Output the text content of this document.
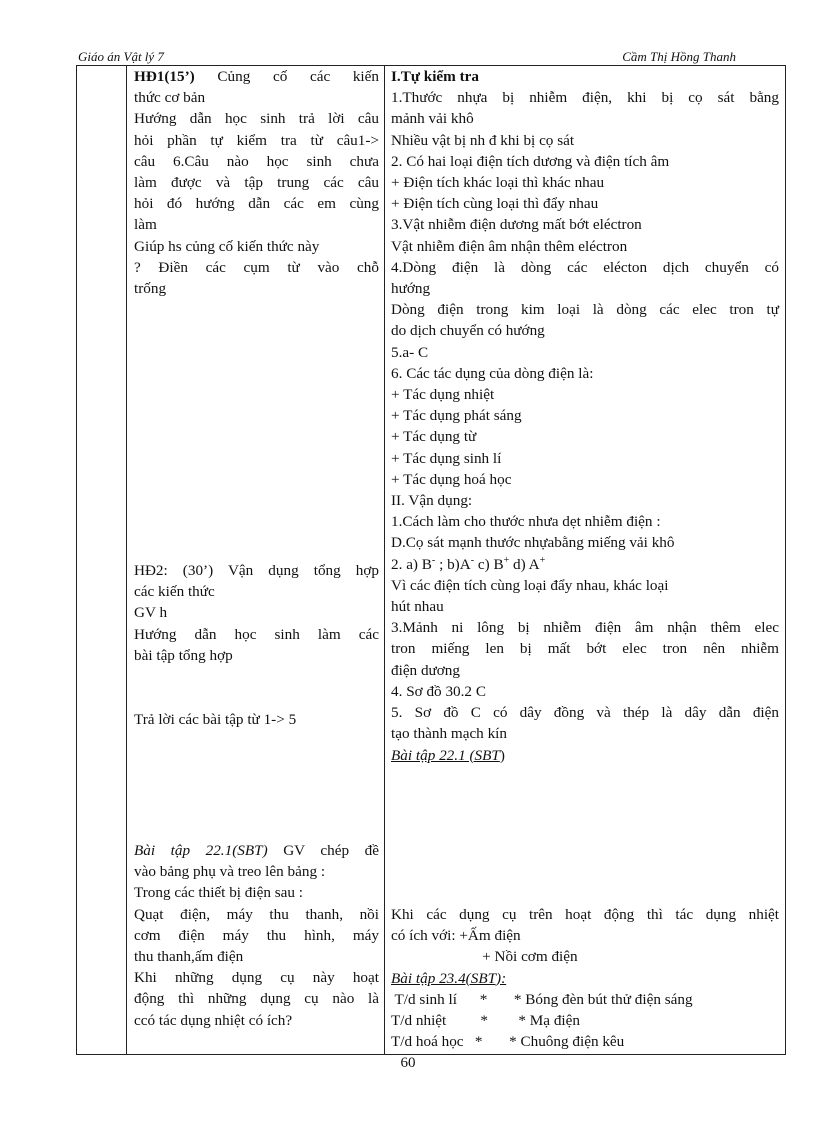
Giáo án Vật lý 7	Cầm Thị Hồng Thanh
HĐ1(15’) Củng cố các kiến
thức cơ bản
Hướng dẫn học sinh trả lời câu
hỏi phần tự kiểm tra từ câu1->
câu 6.Câu nào học sinh chưa
làm được và tập trung các câu
hỏi đó hướng dẫn các em cùng
làm
Giúp hs củng cố kiến thức này
? Điền các cụm từ vào chỗ
trống
HĐ2: (30’) Vận dụng tổng hợp
các kiến thức
GV h
Hướng dẫn học sinh làm các
bài tập tổng hợp
Trả lời các bài tập từ 1-> 5
Bài tập 22.1(SBT) GV chép đề
vào bảng phụ và treo lên bảng :
Trong các thiết bị điện sau :
Quạt điện, máy thu thanh, nồi
cơm điện máy thu hình, máy
thu thanh,ấm điện
Khi những dụng cụ này hoạt
động thì những dụng cụ nào là
ccó tác dụng nhiệt có ích?
I.Tự kiểm tra
1.Thước nhựa bị nhiễm điện, khi bị cọ sát bằng
mảnh vải khô
Nhiều vật bị nh đ khi bị cọ sát
2. Có hai loại điện tích dương và điện tích âm
+ Điện tích khác loại thì khác nhau
+ Điện tích cùng loại thì đẩy nhau
3.Vật nhiễm điện dương mất bớt eléctron
Vật nhiễm điện âm nhận thêm eléctron
4.Dòng điện là dòng các elécton dịch chuyển có
hướng
Dòng điện trong kim loại là dòng các elec tron tự
do dịch chuyển có hướng
5.a- C
6. Các tác dụng của dòng điện là:
+ Tác dụng nhiệt
+ Tác dụng phát sáng
+ Tác dụng từ
+ Tác dụng sinh lí
+ Tác dụng hoá học
II. Vận dụng:
1.Cách làm cho thước nhưa dẹt nhiễm điện :
D.Cọ sát mạnh thước nhựabằng miếng vải khô
2. a) B- ; b)A- c) B+ d) A+
Vì các điện tích cùng loại đẩy nhau, khác loại
hút nhau
3.Mảnh ni lông bị nhiễm điện âm nhận thêm elec
tron miếng len bị mất bớt elec tron nên nhiễm
điện dương
4. Sơ đồ 30.2 C
5. Sơ đồ C có dây đồng và thép là dây dẫn điện
tạo thành mạch kín
Bài tập 22.1 (SBT)
Khi các dụng cụ trên hoạt động thì tác dụng nhiệt
có ích với: +Ấm điện
+ Nồi cơm điện
Bài tập 23.4(SBT):
T/d sinh lí      *       * Bóng đèn bút thử điện sáng
T/d nhiệt         *        * Mạ điện
T/d hoá học   *       * Chuông điện kêu
60
